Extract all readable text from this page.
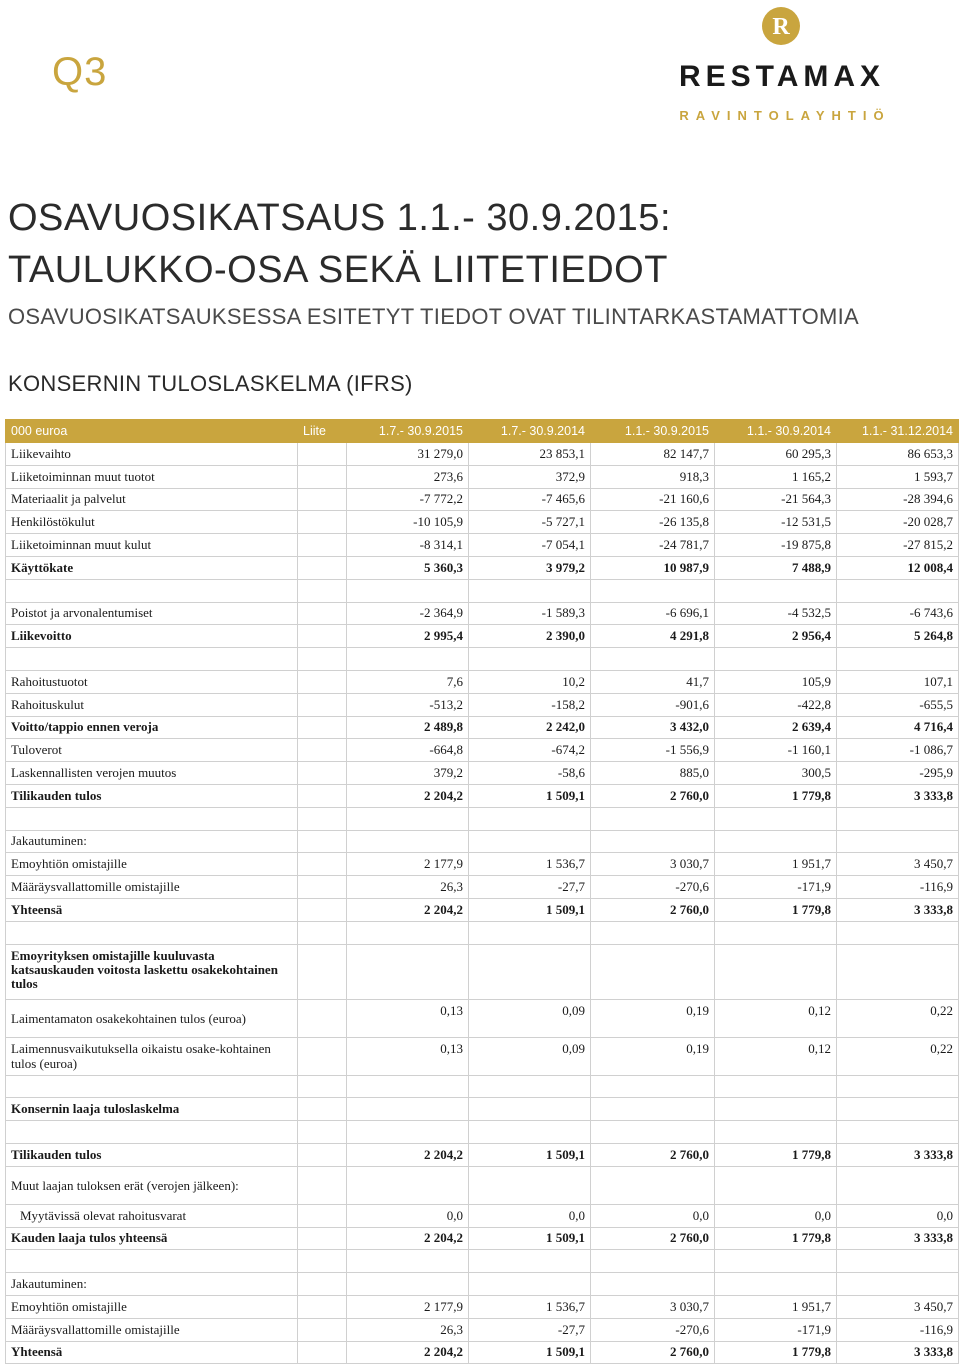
Q3
R
RESTAMAX
RAVINTOLAYHTIÖ
OSAVUOSIKATSAUS 1.1.- 30.9.2015:
TAULUKKO-OSA SEKÄ LIITETIEDOT
OSAVUOSIKATSAUKSESSA ESITETYT TIEDOT OVAT TILINTARKASTAMATTOMIA
KONSERNIN TULOSLASKELMA (IFRS)
000 euroa	Liite	1.7.- 30.9.2015	1.7.- 30.9.2014	1.1.- 30.9.2015	1.1.- 30.9.2014	1.1.- 31.12.2014
Liikevaihto		31 279,0	23 853,1	82 147,7	60 295,3	86 653,3
Liiketoiminnan muut tuotot		273,6	372,9	918,3	1 165,2	1 593,7
Materiaalit ja palvelut		-7 772,2	-7 465,6	-21 160,6	-21 564,3	-28 394,6
Henkilöstökulut		-10 105,9	-5 727,1	-26 135,8	-12 531,5	-20 028,7
Liiketoiminnan muut kulut		-8 314,1	-7 054,1	-24 781,7	-19 875,8	-27 815,2
Käyttökate		5 360,3	3 979,2	10 987,9	7 488,9	12 008,4

Poistot ja arvonalentumiset		-2 364,9	-1 589,3	-6 696,1	-4 532,5	-6 743,6
Liikevoitto		2 995,4	2 390,0	4 291,8	2 956,4	5 264,8

Rahoitustuotot		7,6	10,2	41,7	105,9	107,1
Rahoituskulut		-513,2	-158,2	-901,6	-422,8	-655,5
Voitto/tappio ennen veroja		2 489,8	2 242,0	3 432,0	2 639,4	4 716,4
Tuloverot		-664,8	-674,2	-1 556,9	-1 160,1	-1 086,7
Laskennallisten verojen muutos		379,2	-58,6	885,0	300,5	-295,9
Tilikauden tulos		2 204,2	1 509,1	2 760,0	1 779,8	3 333,8

Jakautuminen:						
Emoyhtiön omistajille		2 177,9	1 536,7	3 030,7	1 951,7	3 450,7
Määräysvallattomille omistajille		26,3	-27,7	-270,6	-171,9	-116,9
Yhteensä		2 204,2	1 509,1	2 760,0	1 779,8	3 333,8

Emoyrityksen omistajille kuuluvasta katsauskauden voitosta laskettu osakekohtainen tulos						
Laimentamaton osakekohtainen tulos (euroa)		0,13	0,09	0,19	0,12	0,22
Laimennusvaikutuksella oikaistu osake-kohtainen tulos (euroa)		0,13	0,09	0,19	0,12	0,22

Konsernin laaja tuloslaskelma						

Tilikauden tulos		2 204,2	1 509,1	2 760,0	1 779,8	3 333,8
Muut laajan tuloksen erät (verojen jälkeen):						
Myytävissä olevat rahoitusvarat		0,0	0,0	0,0	0,0	0,0
Kauden laaja tulos yhteensä		2 204,2	1 509,1	2 760,0	1 779,8	3 333,8

Jakautuminen:						
Emoyhtiön omistajille		2 177,9	1 536,7	3 030,7	1 951,7	3 450,7
Määräysvallattomille omistajille		26,3	-27,7	-270,6	-171,9	-116,9
Yhteensä		2 204,2	1 509,1	2 760,0	1 779,8	3 333,8
